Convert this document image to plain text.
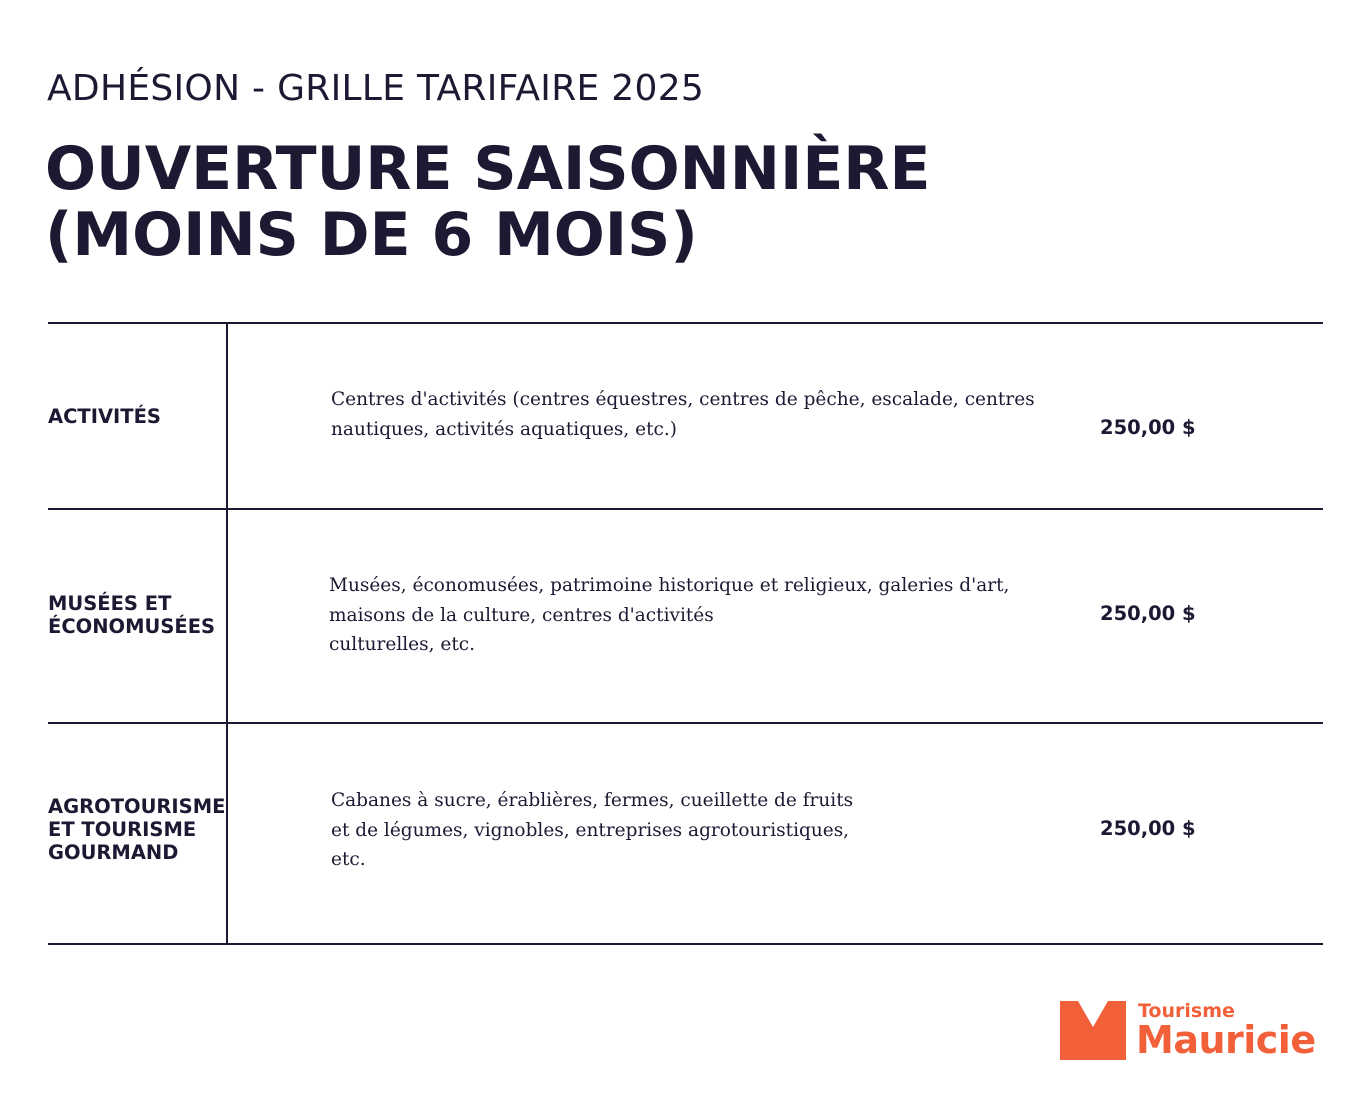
ADHÉSION - GRILLE TARIFAIRE 2025
OUVERTURE SAISONNIÈRE
(MOINS DE 6 MOIS)
ACTIVITÉS
Centres d'activités (centres équestres, centres de pêche, escalade, centres
nautiques, activités aquatiques, etc.)	250,00 $
MUSÉES ET ÉCONOMUSÉES
Musées, économusées, patrimoine historique et religieux, galeries d'art,
maisons de la culture, centres d'activités
culturelles, etc.
250,00 $
AGROTOURISME ET TOURISME GOURMAND
Cabanes à sucre, érablières, fermes, cueillette de fruits
et de légumes, vignobles, entreprises agrotouristiques,
etc.
250,00 $
Tourisme
Mauricie
